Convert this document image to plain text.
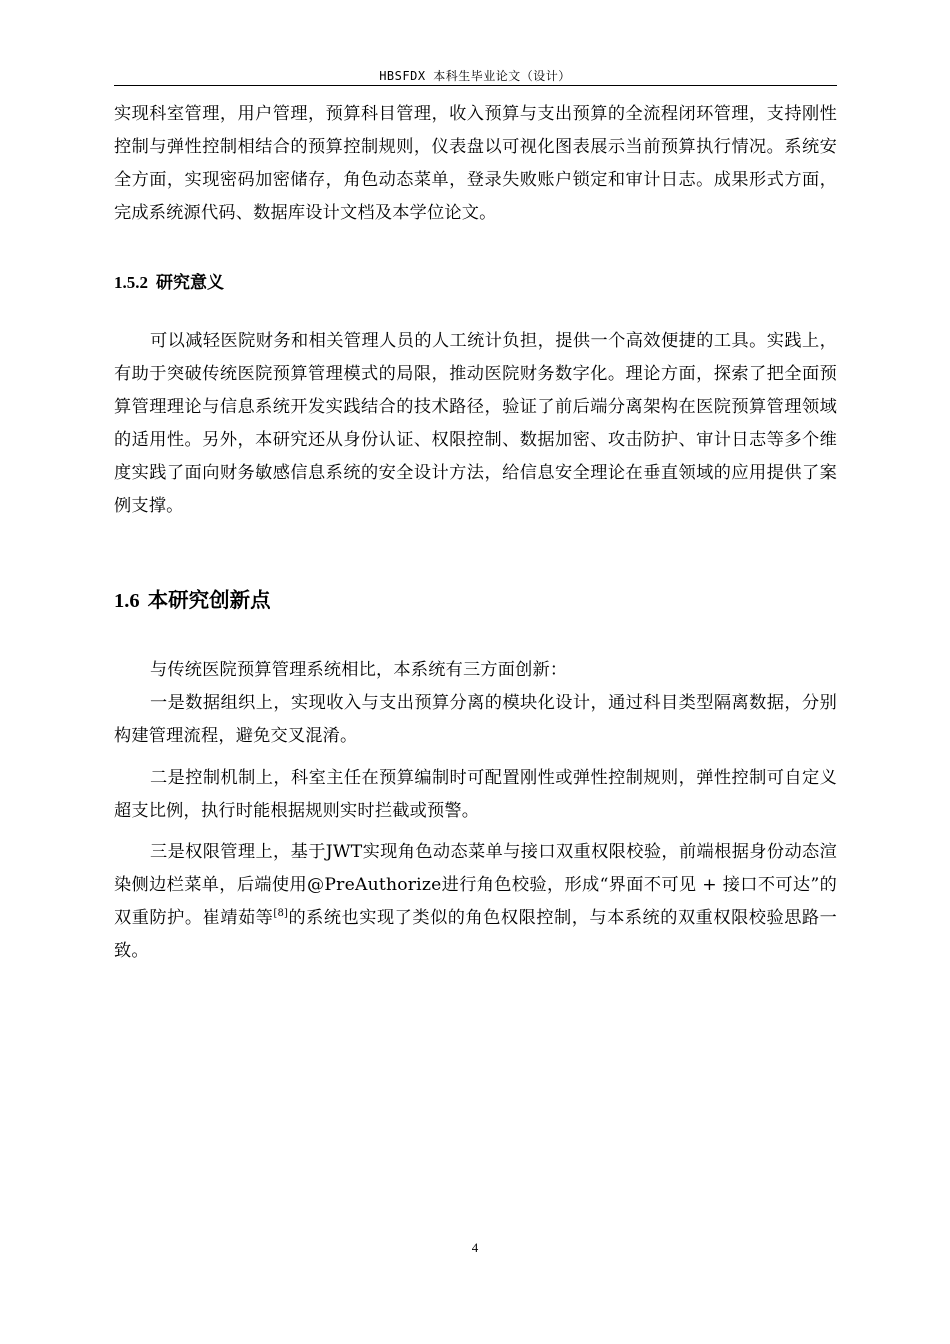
HBSFDX 本科生毕业论文（设计）

实现科室管理，用户管理，预算科目管理，收入预算与支出预算的全流程闭环管理，支持刚性控制与弹性控制相结合的预算控制规则，仪表盘以可视化图表展示当前预算执行情况。系统安全方面，实现密码加密储存，角色动态菜单，登录失败账户锁定和审计日志。成果形式方面，完成系统源代码、数据库设计文档及本学位论文。

1.5.2 研究意义

可以减轻医院财务和相关管理人员的人工统计负担，提供一个高效便捷的工具。实践上，有助于突破传统医院预算管理模式的局限，推动医院财务数字化。理论方面，探索了把全面预算管理理论与信息系统开发实践结合的技术路径，验证了前后端分离架构在医院预算管理领域的适用性。另外，本研究还从身份认证、权限控制、数据加密、攻击防护、审计日志等多个维度实践了面向财务敏感信息系统的安全设计方法，给信息安全理论在垂直领域的应用提供了案例支撑。

1.6 本研究创新点

与传统医院预算管理系统相比，本系统有三方面创新：

一是数据组织上，实现收入与支出预算分离的模块化设计，通过科目类型隔离数据，分别构建管理流程，避免交叉混淆。

二是控制机制上，科室主任在预算编制时可配置刚性或弹性控制规则，弹性控制可自定义超支比例，执行时能根据规则实时拦截或预警。

三是权限管理上，基于JWT实现角色动态菜单与接口双重权限校验，前端根据身份动态渲染侧边栏菜单，后端使用@PreAuthorize进行角色校验，形成“界面不可见 + 接口不可达”的双重防护。崔靖茹等[8]的系统也实现了类似的角色权限控制，与本系统的双重权限校验思路一致。

4
